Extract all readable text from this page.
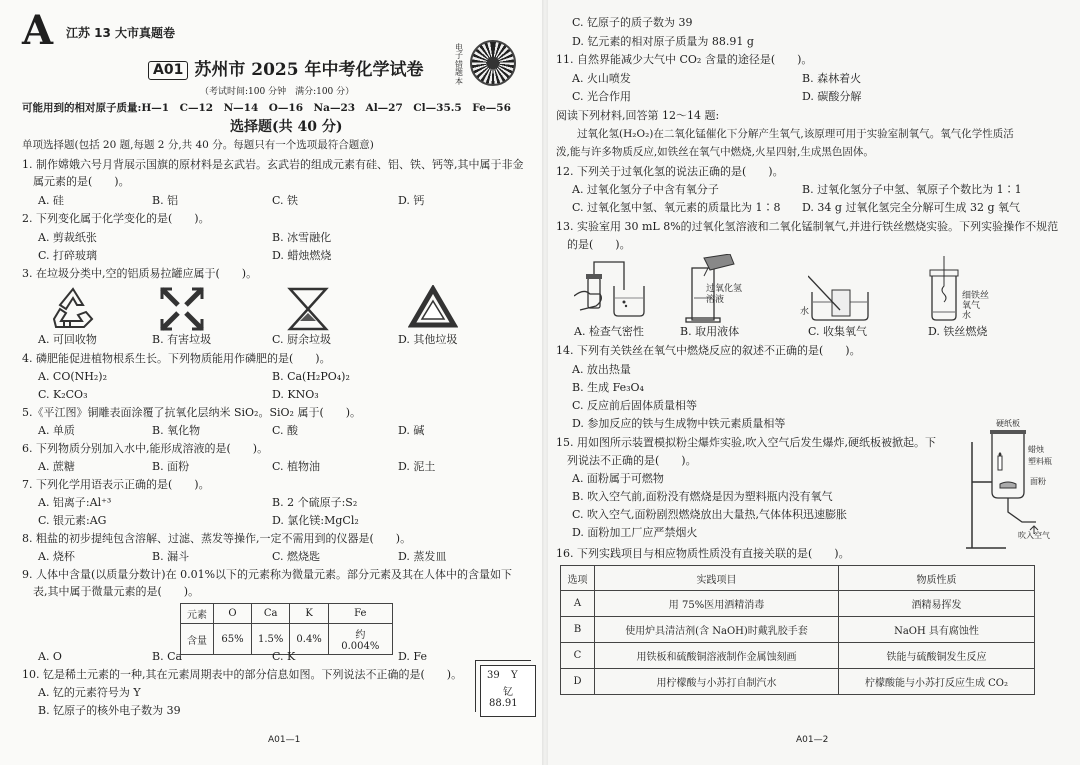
A 江苏 13 大市真题卷
A01 苏州市 2025 年中考化学试卷
电子错题本
（考试时间:100 分钟　满分:100 分）
可能用到的相对原子质量:H—1　C—12　N—14　O—16　Na—23　Al—27　Cl—35.5　Fe—56
选择题(共 40 分)
单项选择题(包括 20 题,每题 2 分,共 40 分。每题只有一个选项最符合题意)
1. 制作嫦娥六号月背展示国旗的原材料是玄武岩。玄武岩的组成元素有硅、铝、铁、钙等,其中属于非金
　属元素的是(　　)。
A. 硅	B. 铝	C. 铁	D. 钙
2. 下列变化属于化学变化的是(　　)。
A. 剪裁纸张	B. 冰雪融化
C. 打碎玻璃	D. 蜡烛燃烧
3. 在垃圾分类中,空的铝质易拉罐应属于(　　)。
A. 可回收物	B. 有害垃圾	C. 厨余垃圾	D. 其他垃圾
4. 磷肥能促进植物根系生长。下列物质能用作磷肥的是(　　)。
A. CO(NH₂)₂	B. Ca(H₂PO₄)₂
C. K₂CO₃	D. KNO₃
5.《平江图》铜雕表面涂覆了抗氧化层纳米 SiO₂。SiO₂ 属于(　　)。
A. 单质	B. 氧化物	C. 酸	D. 碱
6. 下列物质分别加入水中,能形成溶液的是(　　)。
A. 蔗糖	B. 面粉	C. 植物油	D. 泥土
7. 下列化学用语表示正确的是(　　)。
A. 铝离子:Al⁺³	B. 2 个硫原子:S₂
C. 银元素:AG	D. 氯化镁:MgCl₂
8. 粗盐的初步提纯包含溶解、过滤、蒸发等操作,一定不需用到的仪器是(　　)。
A. 烧杯	B. 漏斗	C. 燃烧匙	D. 蒸发皿
9. 人体中含量(以质量分数计)在 0.01%以下的元素称为微量元素。部分元素及其在人体中的含量如下
　表,其中属于微量元素的是(　　)。
元素	O	Ca	K	Fe
含量	65%	1.5%	0.4%	约 0.004%
A. O	B. Ca	C. K	D. Fe
10. 钇是稀土元素的一种,其在元素周期表中的部分信息如图。下列说法不正确的是(　　)。
A. 钇的元素符号为 Y
B. 钇原子的核外电子数为 39
39 Y
钇
88.91
A01—1
C. 钇原子的质子数为 39
D. 钇元素的相对原子质量为 88.91 g
11. 自然界能减少大气中 CO₂ 含量的途径是(　　)。
A. 火山喷发	B. 森林着火
C. 光合作用	D. 碳酸分解
阅读下列材料,回答第 12～14 题:
　　过氧化氢(H₂O₂)在二氧化锰催化下分解产生氧气,该原理可用于实验室制氧气。氧气化学性质活
泼,能与许多物质反应,如铁丝在氧气中燃烧,火星四射,生成黑色固体。
12. 下列关于过氧化氢的说法正确的是(　　)。
A. 过氧化氢分子中含有氧分子	B. 过氧化氢分子中氢、氧原子个数比为 1∶1
C. 过氧化氢中氢、氧元素的质量比为 1∶8 D. 34 g 过氧化氢完全分解可生成 32 g 氧气
13. 实验室用 30 mL 8%的过氧化氢溶液和二氧化锰制氧气,并进行铁丝燃烧实验。下列实验操作不规范
　的是(　　)。
过氧化氢溶液
水
细铁丝
氧气
水
A. 检查气密性	B. 取用液体	C. 收集氧气	D. 铁丝燃烧
14. 下列有关铁丝在氧气中燃烧反应的叙述不正确的是(　　)。
A. 放出热量
B. 生成 Fe₃O₄
C. 反应前后固体质量相等
D. 参加反应的铁与生成物中铁元素质量相等
15. 用如图所示装置模拟粉尘爆炸实验,吹入空气后发生爆炸,硬纸板被掀起。下
　列说法不正确的是(　　)。
A. 面粉属于可燃物
B. 吹入空气前,面粉没有燃烧是因为塑料瓶内没有氧气
C. 吹入空气,面粉剧烈燃烧放出大量热,气体体积迅速膨胀
D. 面粉加工厂应严禁烟火
硬纸板
蜡烛
塑料瓶
面粉
吹入空气
16. 下列实践项目与相应物质性质没有直接关联的是(　　)。
选项	实践项目	物质性质
A	用 75%医用酒精消毒	酒精易挥发
B	使用炉具清洁剂(含 NaOH)时戴乳胶手套	NaOH 具有腐蚀性
C	用铁板和硫酸铜溶液制作金属蚀刻画	铁能与硫酸铜发生反应
D	用柠檬酸与小苏打自制汽水	柠檬酸能与小苏打反应生成 CO₂
A01—2
